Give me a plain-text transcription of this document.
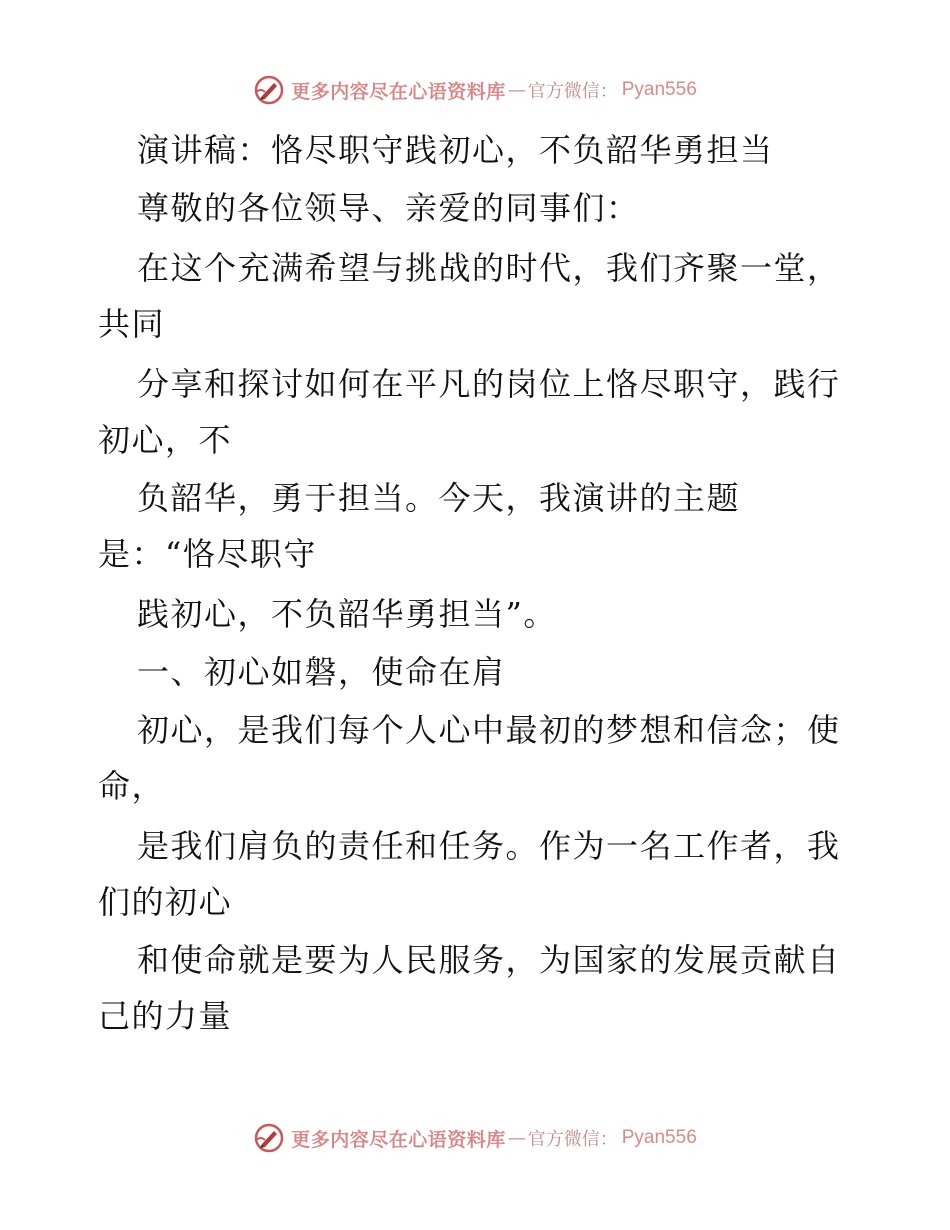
更多内容尽在心语资料库 — 官方微信： Pyan556
演讲稿：恪尽职守践初心，不负韶华勇担当
尊敬的各位领导、亲爱的同事们：
在这个充满希望与挑战的时代，我们齐聚一堂，
共同
分享和探讨如何在平凡的岗位上恪尽职守，践行
初心，不
负韶华，勇于担当。今天，我演讲的主题
是：“恪尽职守
践初心，不负韶华勇担当”。
一、初心如磐，使命在肩
初心，是我们每个人心中最初的梦想和信念；使
命，
是我们肩负的责任和任务。作为一名工作者，我
们的初心
和使命就是要为人民服务，为国家的发展贡献自
己的力量
更多内容尽在心语资料库 — 官方微信： Pyan556
